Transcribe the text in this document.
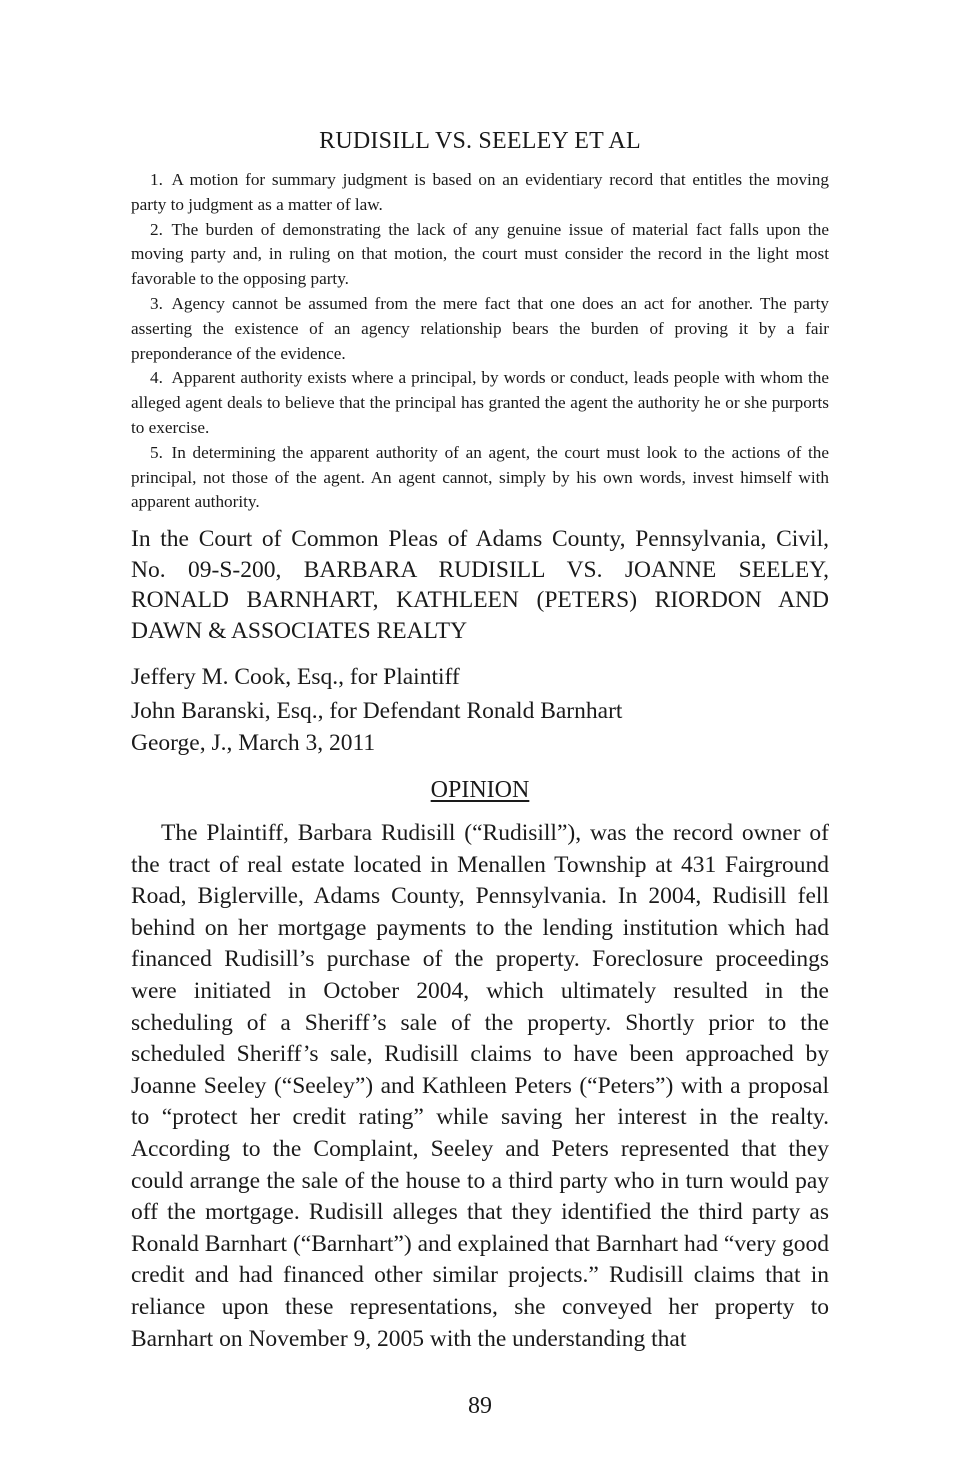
RUDISILL VS. SEELEY ET AL

1. A motion for summary judgment is based on an evidentiary record that entitles the moving party to judgment as a matter of law.

2. The burden of demonstrating the lack of any genuine issue of material fact falls upon the moving party and, in ruling on that motion, the court must consider the record in the light most favorable to the opposing party.

3. Agency cannot be assumed from the mere fact that one does an act for another. The party asserting the existence of an agency relationship bears the burden of proving it by a fair preponderance of the evidence.

4. Apparent authority exists where a principal, by words or conduct, leads people with whom the alleged agent deals to believe that the principal has granted the agent the authority he or she purports to exercise.

5. In determining the apparent authority of an agent, the court must look to the actions of the principal, not those of the agent. An agent cannot, simply by his own words, invest himself with apparent authority.

In the Court of Common Pleas of Adams County, Pennsylvania, Civil, No. 09-S-200, BARBARA RUDISILL VS. JOANNE SEELEY, RONALD BARNHART, KATHLEEN (PETERS) RIORDON AND DAWN & ASSOCIATES REALTY

Jeffery M. Cook, Esq., for Plaintiff
John Baranski, Esq., for Defendant Ronald Barnhart
George, J., March 3, 2011
OPINION

The Plaintiff, Barbara Rudisill (“Rudisill”), was the record owner of the tract of real estate located in Menallen Township at 431 Fairground Road, Biglerville, Adams County, Pennsylvania. In 2004, Rudisill fell behind on her mortgage payments to the lending institution which had financed Rudisill’s purchase of the property. Foreclosure proceedings were initiated in October 2004, which ultimately resulted in the scheduling of a Sheriff’s sale of the property. Shortly prior to the scheduled Sheriff’s sale, Rudisill claims to have been approached by Joanne Seeley (“Seeley”) and Kathleen Peters (“Peters”) with a proposal to “protect her credit rating” while saving her interest in the realty. According to the Complaint, Seeley and Peters represented that they could arrange the sale of the house to a third party who in turn would pay off the mortgage. Rudisill alleges that they identified the third party as Ronald Barnhart (“Barnhart”) and explained that Barnhart had “very good credit and had financed other similar projects.” Rudisill claims that in reliance upon these representations, she conveyed her property to Barnhart on November 9, 2005 with the understanding that

89
